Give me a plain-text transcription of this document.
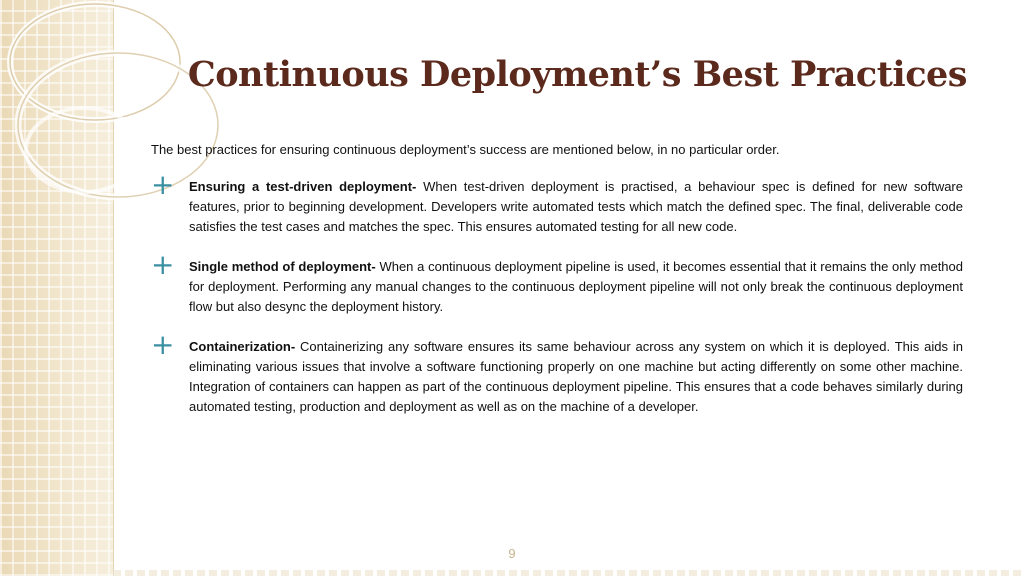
Continuous Deployment’s Best Practices

The best practices for ensuring continuous deployment’s success are mentioned below, in no particular order.

+ Ensuring a test-driven deployment- When test-driven deployment is practised, a behaviour spec is defined for new software features, prior to beginning development. Developers write automated tests which match the defined spec. The final, deliverable code satisfies the test cases and matches the spec. This ensures automated testing for all new code.
+ Single method of deployment- When a continuous deployment pipeline is used, it becomes essential that it remains the only method for deployment. Performing any manual changes to the continuous deployment pipeline will not only break the continuous deployment flow but also desync the deployment history.
+ Containerization- Containerizing any software ensures its same behaviour across any system on which it is deployed. This aids in eliminating various issues that involve a software functioning properly on one machine but acting differently on some other machine. Integration of containers can happen as part of the continuous deployment pipeline. This ensures that a code behaves similarly during automated testing, production and deployment as well as on the machine of a developer.
9
